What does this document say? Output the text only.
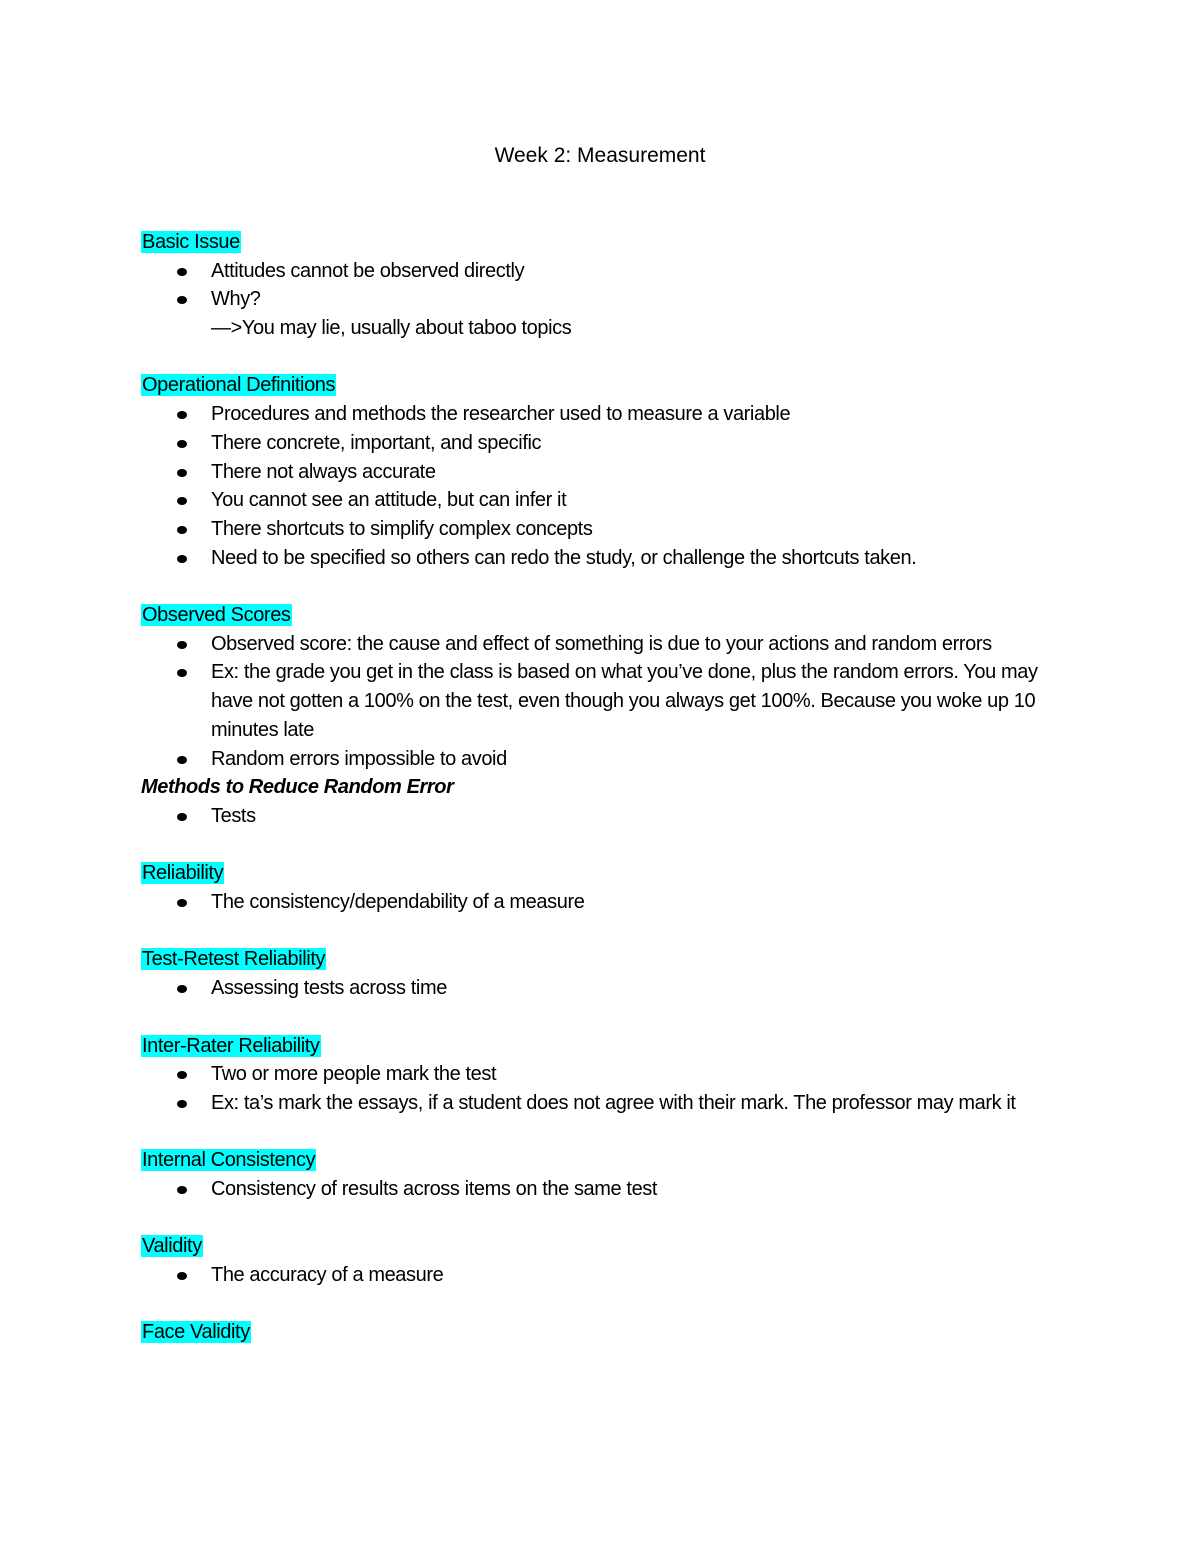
Week 2: Measurement
Basic Issue
Attitudes cannot be observed directly
Why?
—>You may lie, usually about taboo topics
Operational Definitions
Procedures and methods the researcher used to measure a variable
There concrete, important, and specific
There not always accurate
You cannot see an attitude, but can infer it
There shortcuts to simplify complex concepts
Need to be specified so others can redo the study, or challenge the shortcuts taken.
Observed Scores
Observed score: the cause and effect of something is due to your actions and random errors
Ex: the grade you get in the class is based on what you’ve done, plus the random errors. You may have not gotten a 100% on the test, even though you always get 100%. Because you woke up 10 minutes late
Random errors impossible to avoid
Methods to Reduce Random Error
Tests
Reliability
The consistency/dependability of a measure
Test-Retest Reliability
Assessing tests across time
Inter-Rater Reliability
Two or more people mark the test
Ex: ta’s mark the essays, if a student does not agree with their mark. The professor may mark it
Internal Consistency
Consistency of results across items on the same test
Validity
The accuracy of a measure
Face Validity
